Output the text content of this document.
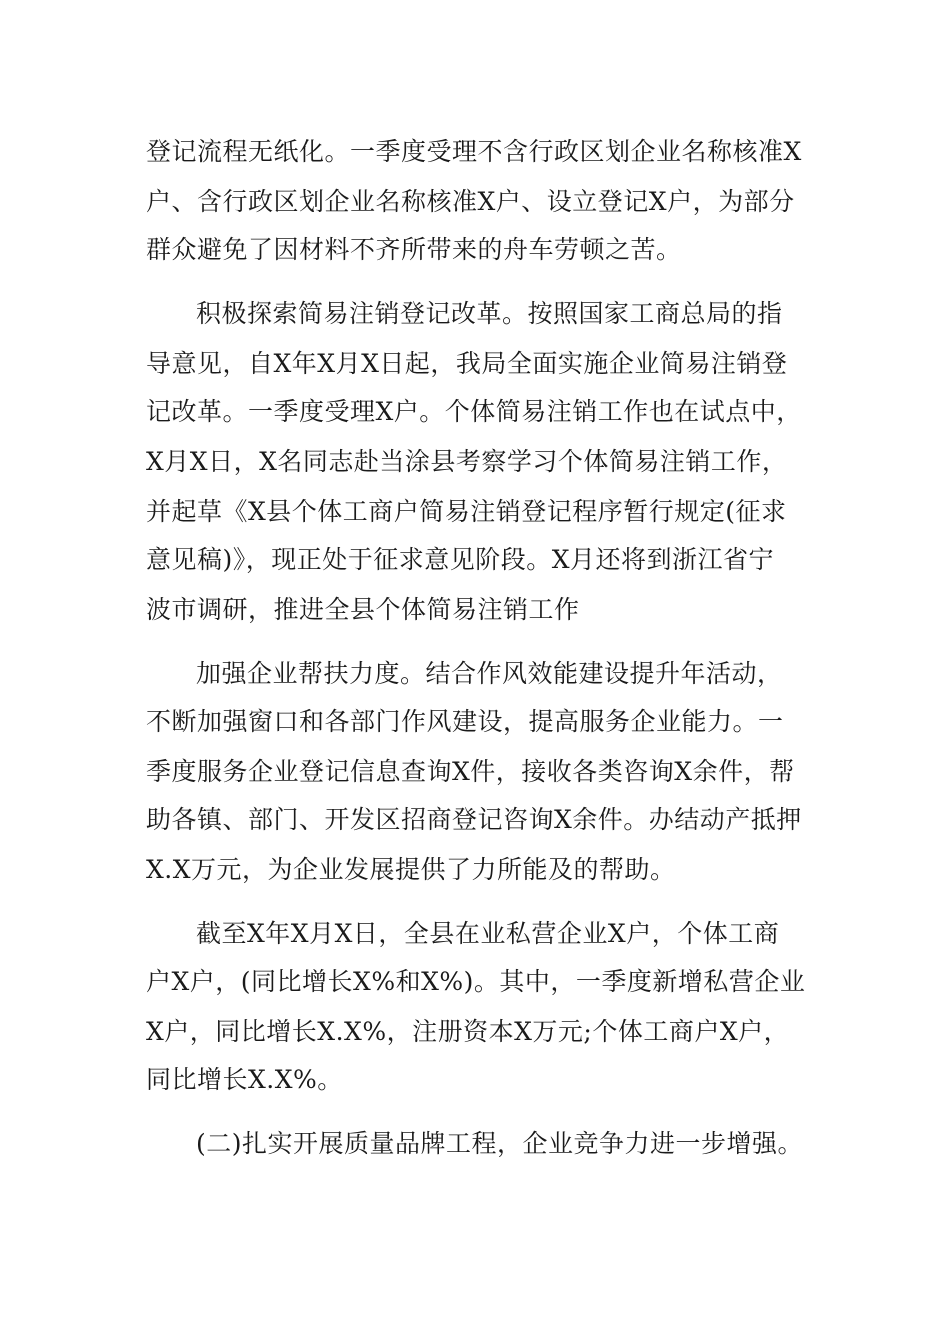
登记流程无纸化。一季度受理不含行政区划企业名称核准X

户、含行政区划企业名称核准X户、设立登记X户，为部分

群众避免了因材料不齐所带来的舟车劳顿之苦。

积极探索简易注销登记改革。按照国家工商总局的指

导意见，自X年X月X日起，我局全面实施企业简易注销登

记改革。一季度受理X户。个体简易注销工作也在试点中，

X月X日，X名同志赴当涂县考察学习个体简易注销工作，

并起草《X县个体工商户简易注销登记程序暂行规定(征求

意见稿)》，现正处于征求意见阶段。X月还将到浙江省宁

波市调研，推进全县个体简易注销工作

加强企业帮扶力度。结合作风效能建设提升年活动，

不断加强窗口和各部门作风建设，提高服务企业能力。一

季度服务企业登记信息查询X件，接收各类咨询X余件，帮

助各镇、部门、开发区招商登记咨询X余件。办结动产抵押

X.X万元，为企业发展提供了力所能及的帮助。

截至X年X月X日，全县在业私营企业X户，个体工商

户X户，(同比增长X%和X%)。其中，一季度新增私营企业

X户，同比增长X.X%，注册资本X万元;个体工商户X户，

同比增长X.X%。

(二)扎实开展质量品牌工程，企业竞争力进一步增强。
